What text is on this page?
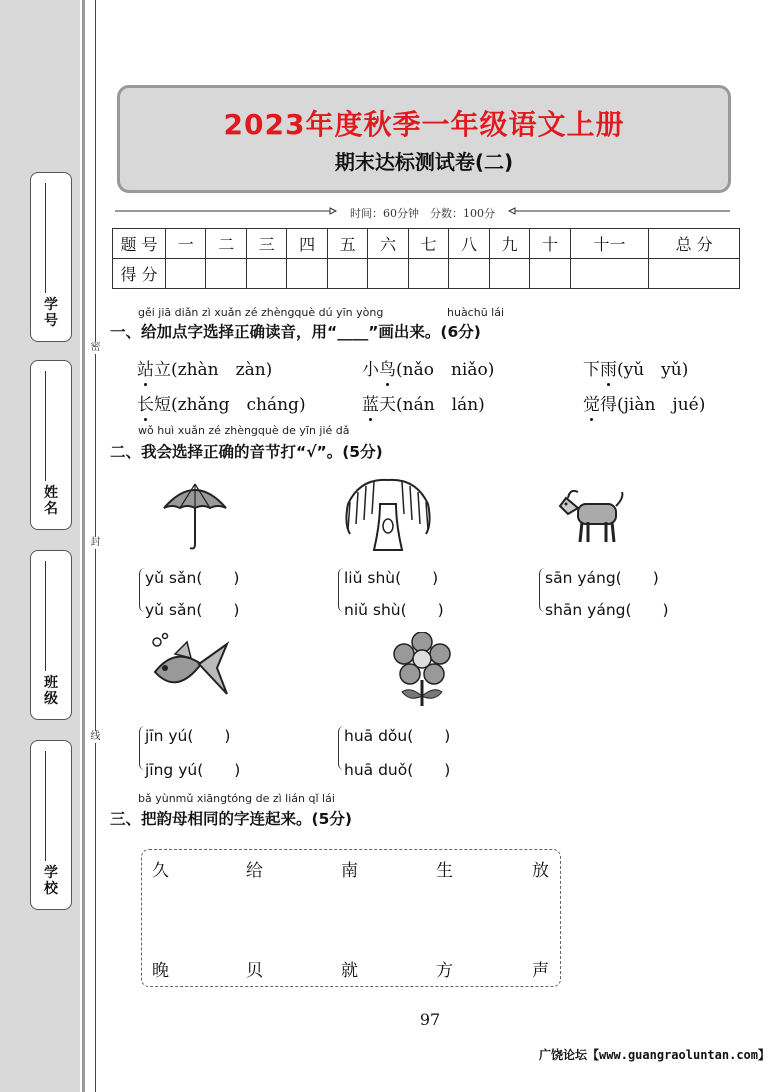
学 号
姓 名
班 级
学 校
密
封
线
2023年度秋季一年级语文上册
期末达标测试卷(二)
时间：60分钟　分数：100分
题 号	一	二	三	四	五	六	七	八	九	十	十一	总 分
得 分												
gěi jiā diǎn zì xuǎn zé zhèngquè dú yīn yòng	huàchū lái
一、给加点字选择正确读音，用“____”画出来。(6分)
站立(zhàn　zàn)	小鸟(nǎo　niǎo)	下雨(yǔ　yǔ)
长短(zhǎng　cháng)	蓝天(nán　lán)	觉得(jiàn　jué)
wǒ huì xuǎn zé zhèngquè de yīn jié dǎ
二、我会选择正确的音节打“√”。(5分)
yǔ sǎn(　　)
yǔ sǎn(　　)
liǔ shù(　　)
niǔ shù(　　)
sān yáng(　　)
shān yáng(　　)
jīn yú(　　)
jīng yú(　　)
huā dǒu(　　)
huā duǒ(　　)
bǎ yùnmǔ xiāngtóng de zì lián qǐ lái
三、把韵母相同的字连起来。(5分)
久	给	南	生	放
晚	贝	就	方	声
97
广饶论坛【www.guangraoluntan.com】
